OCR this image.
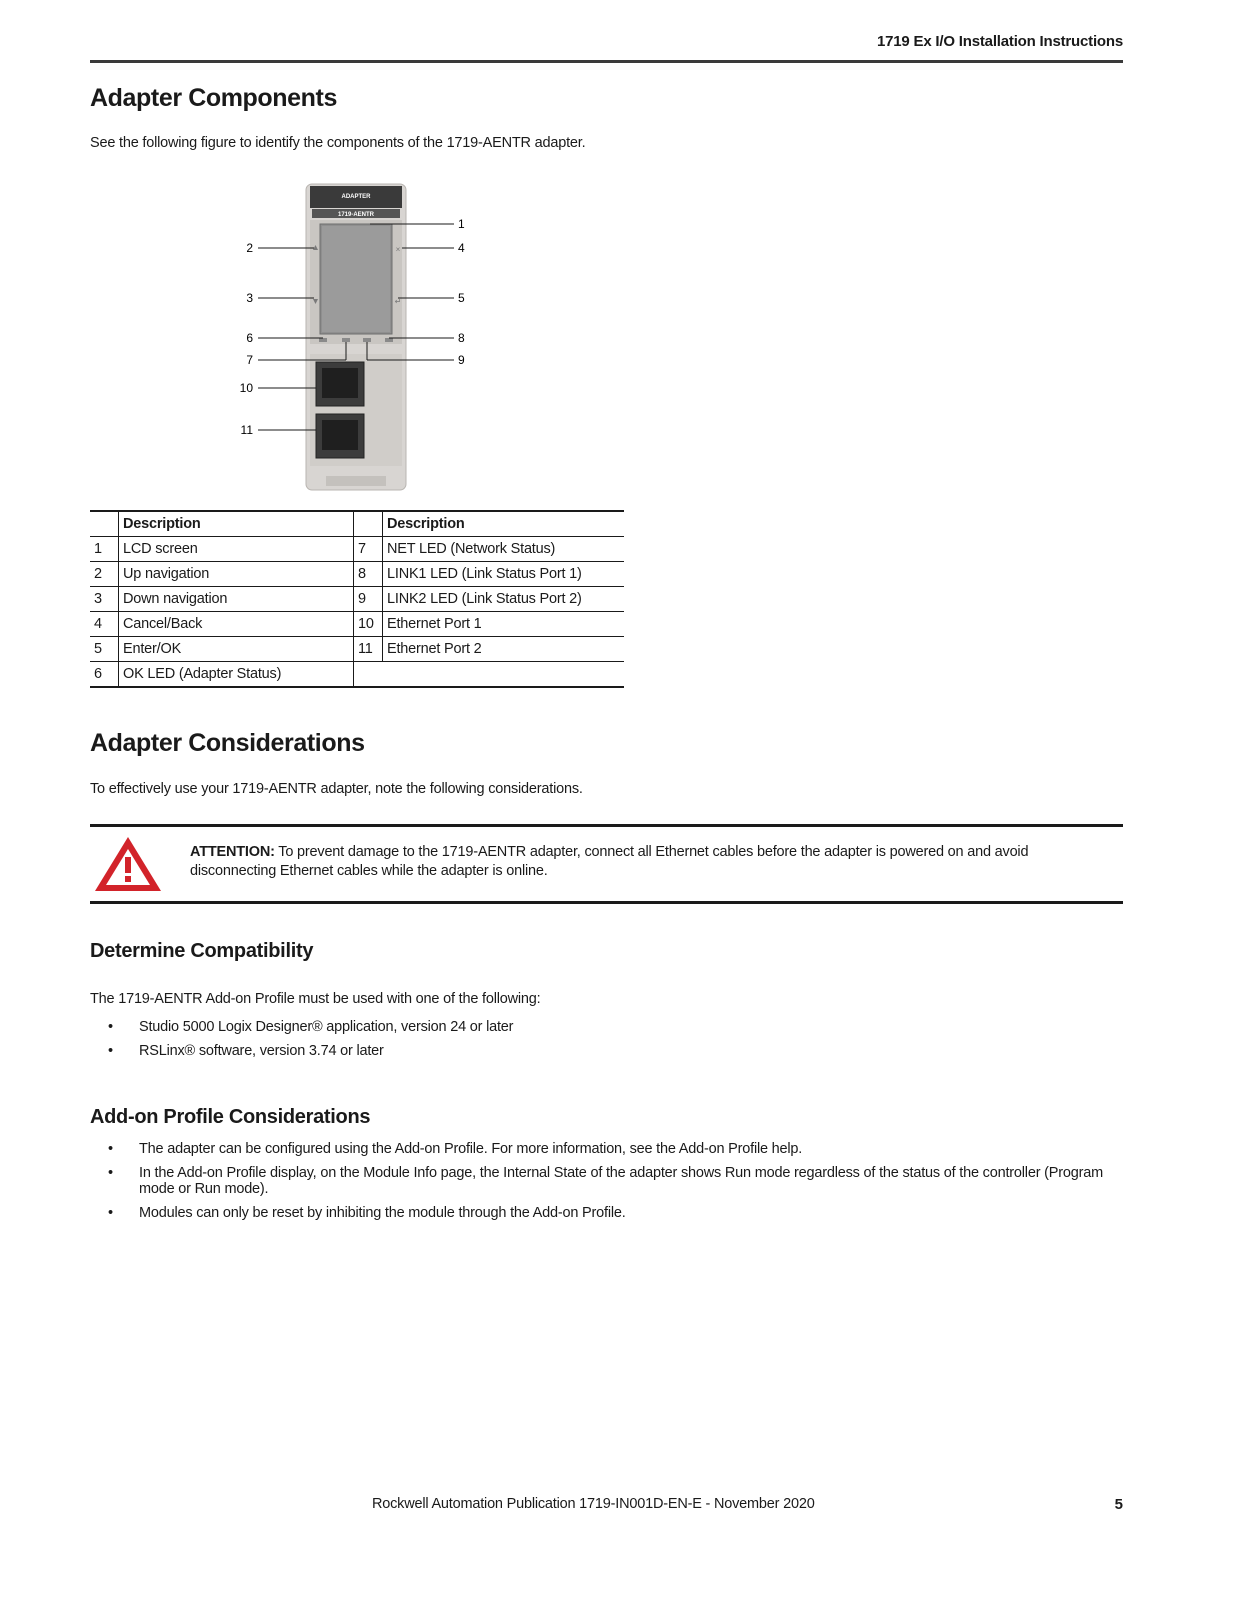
1719 Ex I/O Installation Instructions
Adapter Components

See the following figure to identify the components of the 1719-AENTR adapter.

ADAPTER
1719-AENTR
×
↵
2
3
6
7
10
11
1
4
5
8
9
	Description		Description
1	LCD screen	7	NET LED (Network Status)
2	Up navigation	8	LINK1 LED (Link Status Port 1)
3	Down navigation	9	LINK2 LED (Link Status Port 2)
4	Cancel/Back	10	Ethernet Port 1
5	Enter/OK	11	Ethernet Port 2
6	OK LED (Adapter Status)		
Adapter Considerations

To effectively use your 1719-AENTR adapter, note the following considerations.

ATTENTION: To prevent damage to the 1719-AENTR adapter, connect all Ethernet cables before the adapter is powered on and avoid disconnecting Ethernet cables while the adapter is online.
Determine Compatibility

The 1719-AENTR Add-on Profile must be used with one of the following:

• Studio 5000 Logix Designer® application, version 24 or later
• RSLinx® software, version 3.74 or later
Add-on Profile Considerations
• The adapter can be configured using the Add-on Profile. For more information, see the Add-on Profile help.
• In the Add-on Profile display, on the Module Info page, the Internal State of the adapter shows Run mode regardless of the status of the controller (Program mode or Run mode).
• Modules can only be reset by inhibiting the module through the Add-on Profile.
Rockwell Automation Publication 1719-IN001D-EN-E - November 2020	5
